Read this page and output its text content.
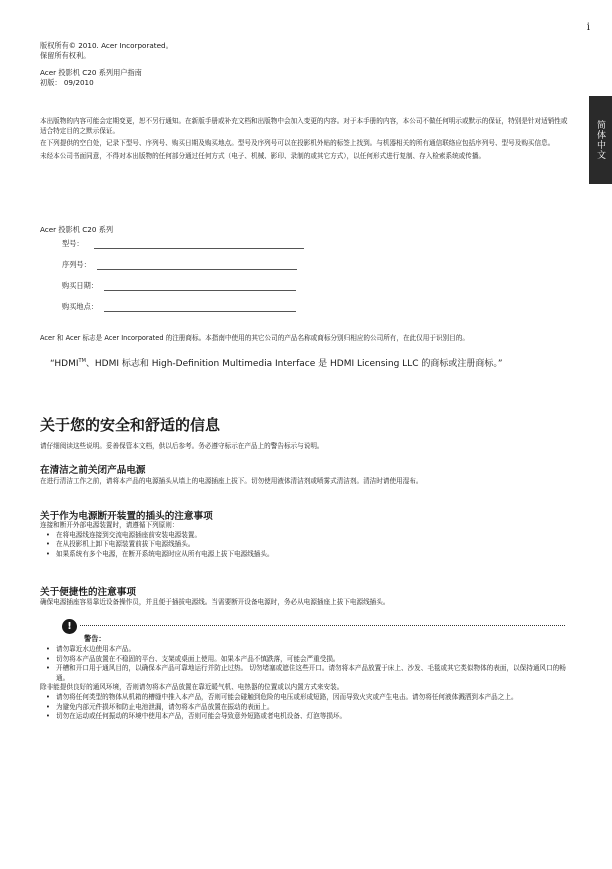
i
简体中文
版权所有© 2010. Acer Incorporated。
保留所有权利。
Acer 投影机 C20 系列用户指南
初版： 09/2010
本出版物的内容可能会定期变更，恕不另行通知。在新版手册或补充文档和出版物中会加入变更的内容。对于本手册的内容，本公司不做任何明示或默示的保证，特别是针对适销性或适合特定目的之默示保证。
在下列提供的空白处，记录下型号、序列号、购买日期及购买地点。型号及序列号可以在投影机外贴的标签上找到。与机器相关的所有通信联络应包括序列号、型号及购买信息。
未经本公司书面同意，不得对本出版物的任何部分通过任何方式（电子、机械、影印、录制的或其它方式），以任何形式进行复制、存入检索系统或传播。
Acer 投影机 C20 系列
型号：
序列号：
购买日期：
购买地点：
Acer 和 Acer 标志是 Acer Incorporated 的注册商标。本指南中使用的其它公司的产品名称或商标分别归相应的公司所有，在此仅用于识别目的。
“HDMI™、HDMI 标志和 High-Definition Multimedia Interface 是 HDMI Licensing LLC 的商标或注册商标。”
关于您的安全和舒适的信息
请仔细阅读这些说明。妥善保管本文档，供以后参考。务必遵守标示在产品上的警告标示与说明。
在清洁之前关闭产品电源
在进行清洁工作之前，请将本产品的电源插头从墙上的电源插座上拔下。切勿使用液体清洁剂或喷雾式清洁剂。清洁时请使用湿布。
关于作为电源断开装置的插头的注意事项
连接和断开外部电源装置时，请遵循下列原则：
• 在将电源线连接到交流电源插座前安装电源装置。
• 在从投影机上卸下电源装置前拔下电源线插头。
• 如果系统有多个电源，在断开系统电源时应从所有电源上拔下电源线插头。
关于便捷性的注意事项
确保电源插座容易靠近设备操作员，并且便于插拔电源线。当需要断开设备电源时，务必从电源插座上拔下电源线插头。
!
警告：
• 请勿靠近水边使用本产品。
• 切勿将本产品放置在不稳固的平台、支架或桌面上使用。如果本产品不慎跌落，可能会严重受损。
• 开槽和开口用于通风目的，以确保本产品可靠地运行并防止过热。 切勿堵塞或遮住这些开口。请勿将本产品放置于床上、沙发、毛毯或其它类似物体的表面，以保持通风口的畅通。
除非能提供良好的通风环境，否则请勿将本产品放置在靠近暖气机、电热器的位置或以内置方式来安装。
• 请勿将任何类型的物体从机箱的槽缝中推入本产品，否则可能会碰触到危险的电压或形成短路，因而导致火灾或产生电击。请勿将任何液体溅洒到本产品之上。
• 为避免内部元件损坏和防止电池泄漏，请勿将本产品放置在振动的表面上。
• 切勿在运动或任何振动的环境中使用本产品，否则可能会导致意外短路或者电机设备、灯泡等损坏。
